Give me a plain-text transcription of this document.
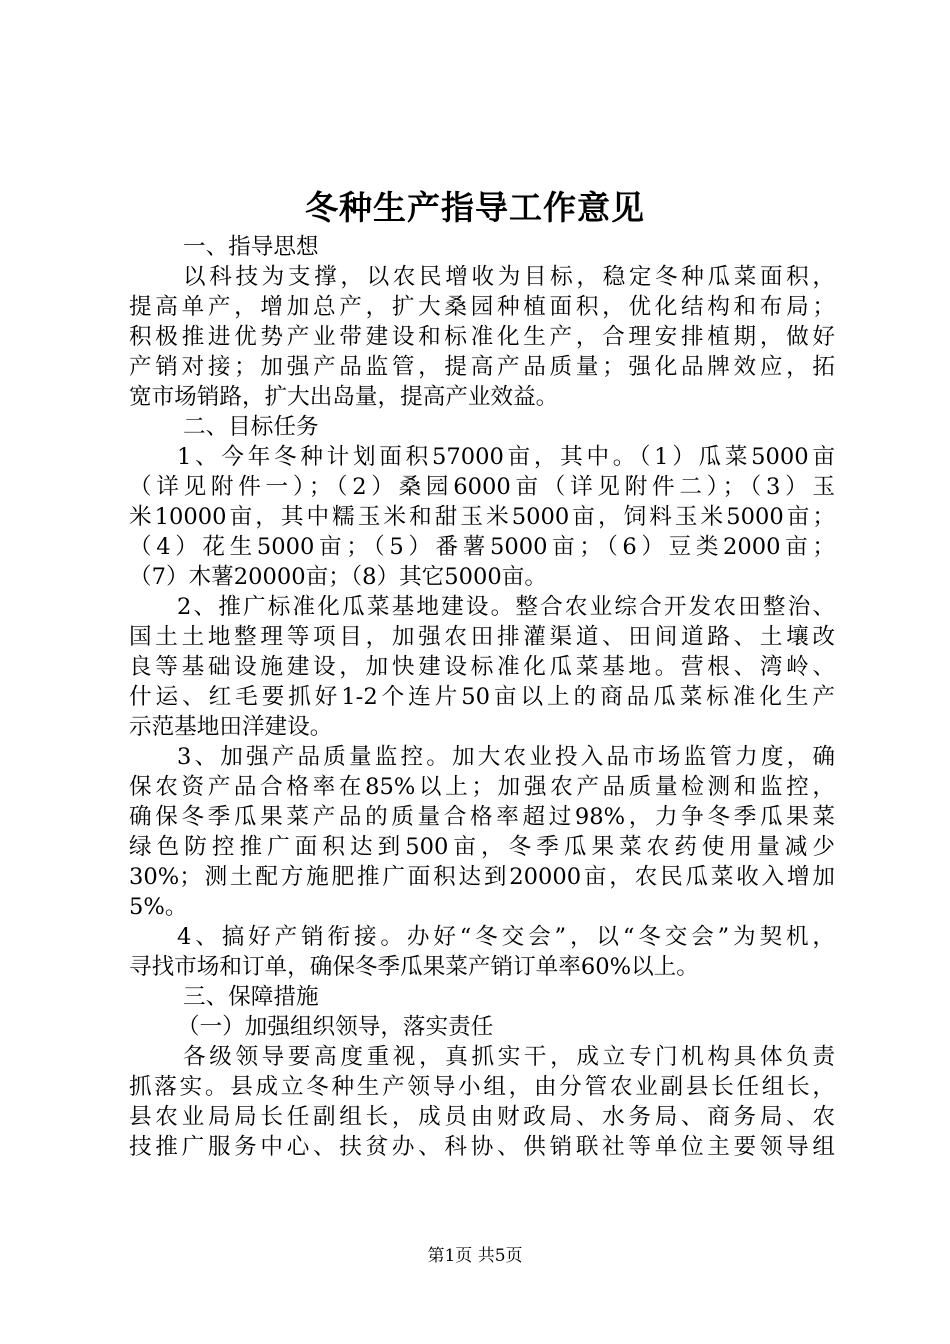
冬种生产指导工作意见
一、指导思想
以科技为支撑，以农民增收为目标，稳定冬种瓜菜面积，
提高单产，增加总产，扩大桑园种植面积，优化结构和布局；
积极推进优势产业带建设和标准化生产，合理安排植期，做好
产销对接；加强产品监管，提高产品质量；强化品牌效应，拓
宽市场销路，扩大出岛量，提高产业效益。
二、目标任务
1、今年冬种计划面积57000亩，其中。（1）瓜菜5000亩
（详见附件一）；（2）桑园6000亩（详见附件二）；（3）玉
米10000亩，其中糯玉米和甜玉米5000亩，饲料玉米5000亩；
（4）花生5000亩；（5）番薯5000亩；（6）豆类2000亩；
（7）木薯20000亩；（8）其它5000亩。
2、推广标准化瓜菜基地建设。整合农业综合开发农田整治、
国土土地整理等项目，加强农田排灌渠道、田间道路、土壤改
良等基础设施建设，加快建设标准化瓜菜基地。营根、湾岭、
什运、红毛要抓好1-2个连片50亩以上的商品瓜菜标准化生产
示范基地田洋建设。
3、加强产品质量监控。加大农业投入品市场监管力度，确
保农资产品合格率在85%以上；加强农产品质量检测和监控，
确保冬季瓜果菜产品的质量合格率超过98%，力争冬季瓜果菜
绿色防控推广面积达到500亩，冬季瓜果菜农药使用量减少
30%；测土配方施肥推广面积达到20000亩，农民瓜菜收入增加
5%。
4、搞好产销衔接。办好“冬交会”，以“冬交会”为契机，
寻找市场和订单，确保冬季瓜果菜产销订单率60%以上。
三、保障措施
（一）加强组织领导，落实责任
各级领导要高度重视，真抓实干，成立专门机构具体负责
抓落实。县成立冬种生产领导小组，由分管农业副县长任组长，
县农业局局长任副组长，成员由财政局、水务局、商务局、农
技推广服务中心、扶贫办、科协、供销联社等单位主要领导组
第1页 共5页
